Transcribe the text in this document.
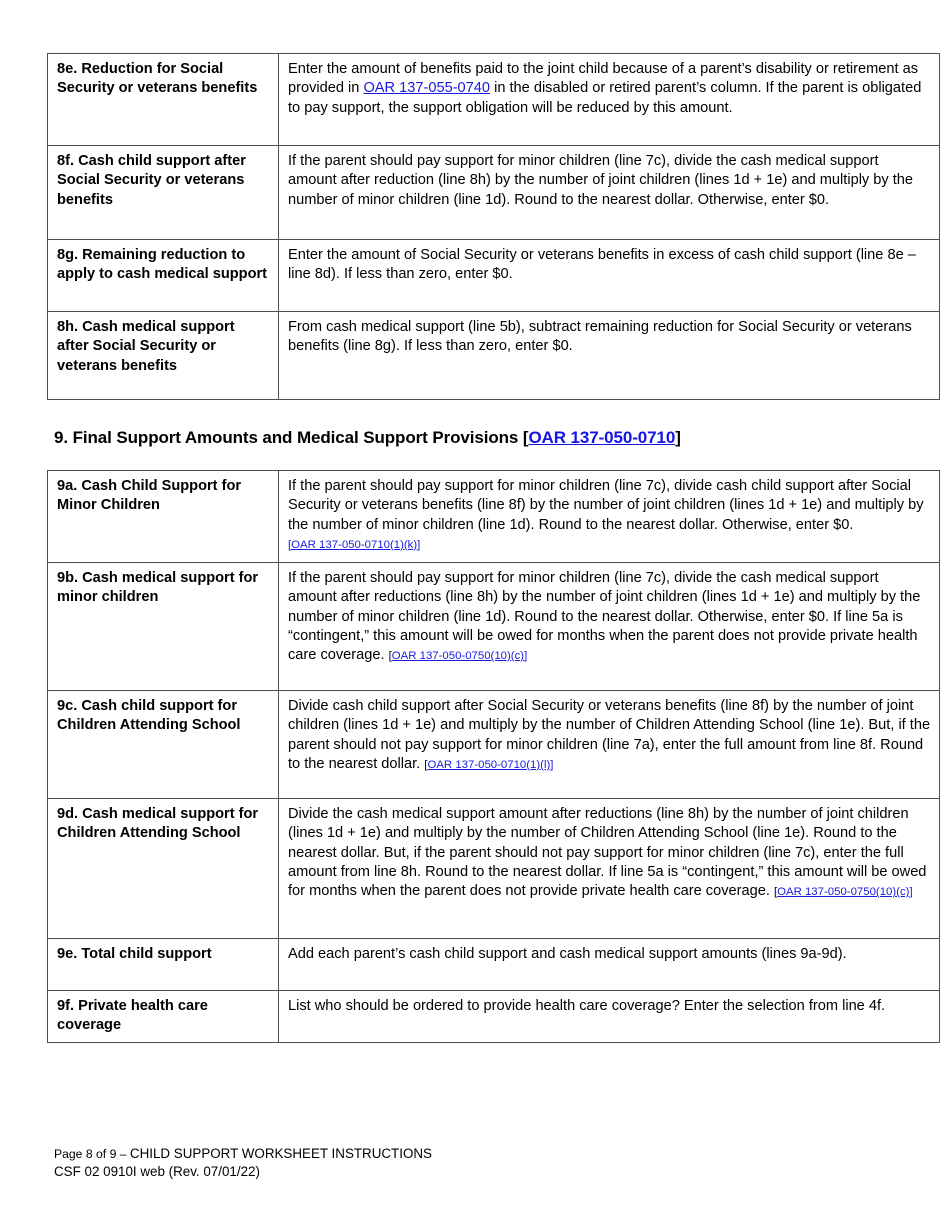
8e. Reduction for Social Security or veterans benefits	Enter the amount of benefits paid to the joint child because of a parent’s disability or retirement as provided in OAR 137-055-0740 in the disabled or retired parent’s column. If the parent is obligated to pay support, the support obligation will be reduced by this amount.
8f. Cash child support after Social Security or veterans benefits	If the parent should pay support for minor children (line 7c), divide the cash medical support amount after reduction (line 8h) by the number of joint children (lines 1d + 1e) and multiply by the number of minor children (line 1d). Round to the nearest dollar. Otherwise, enter $0.
8g. Remaining reduction to apply to cash medical support	Enter the amount of Social Security or veterans benefits in excess of cash child support (line 8e – line 8d). If less than zero, enter $0.
8h. Cash medical support after Social Security or veterans benefits	From cash medical support (line 5b), subtract remaining reduction for Social Security or veterans benefits (line 8g). If less than zero, enter $0.
9. Final Support Amounts and Medical Support Provisions [OAR 137-050-0710]
9a. Cash Child Support for Minor Children	If the parent should pay support for minor children (line 7c), divide cash child support after Social Security or veterans benefits (line 8f) by the number of joint children (lines 1d + 1e) and multiply by the number of minor children (line 1d). Round to the nearest dollar. Otherwise, enter $0. [OAR 137-050-0710(1)(k)]
9b. Cash medical support for minor children	If the parent should pay support for minor children (line 7c), divide the cash medical support amount after reductions (line 8h) by the number of joint children (lines 1d + 1e) and multiply by the number of minor children (line 1d). Round to the nearest dollar. Otherwise, enter $0. If line 5a is “contingent,” this amount will be owed for months when the parent does not provide private health care coverage. [OAR 137-050-0750(10)(c)]
9c. Cash child support for Children Attending School	Divide cash child support after Social Security or veterans benefits (line 8f) by the number of joint children (lines 1d + 1e) and multiply by the number of Children Attending School (line 1e). But, if the parent should not pay support for minor children (line 7a), enter the full amount from line 8f. Round to the nearest dollar. [OAR 137-050-0710(1)(l)]
9d. Cash medical support for Children Attending School	Divide the cash medical support amount after reductions (line 8h) by the number of joint children (lines 1d + 1e) and multiply by the number of Children Attending School (line 1e). Round to the nearest dollar. But, if the parent should not pay support for minor children (line 7c), enter the full amount from line 8h. Round to the nearest dollar. If line 5a is “contingent,” this amount will be owed for months when the parent does not provide private health care coverage. [OAR 137-050-0750(10)(c)]
9e. Total child support	Add each parent’s cash child support and cash medical support amounts (lines 9a-9d).
9f. Private health care coverage	List who should be ordered to provide health care coverage? Enter the selection from line 4f.
Page 8 of 9 – CHILD SUPPORT WORKSHEET INSTRUCTIONS
CSF 02 0910I web (Rev. 07/01/22)
